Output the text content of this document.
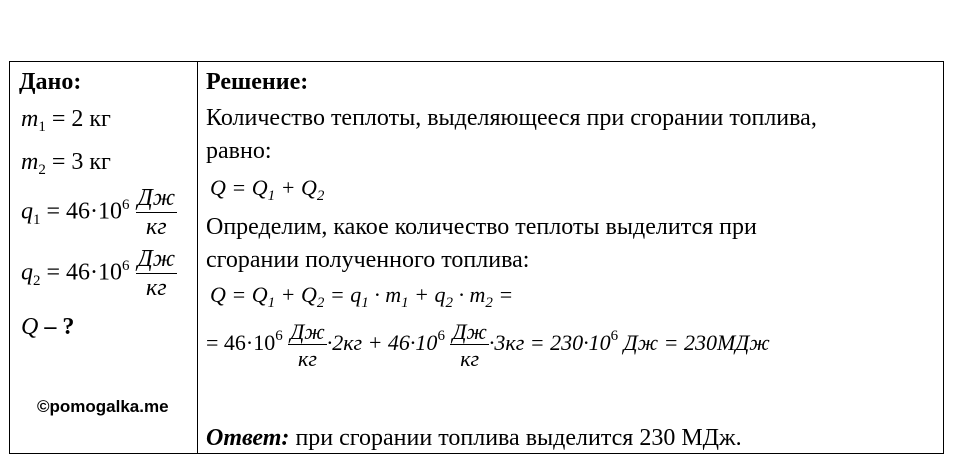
Дано:
$m_1 = 2$ кг
$m_2 = 3$ кг
$q_1 = 46\cdot 10^6 \frac{Дж}{кг}$
$q_2 = 46\cdot 10^6 \frac{Дж}{кг}$
Q – ?
Решение:
Количество теплоты, выделяющееся при сгорании топлива,
равно:
$Q = Q_1 + Q_2$
Определим, какое количество теплоты выделится при
сгорании полученного топлива:
$Q = Q_1 + Q_2 = q_1 \cdot m_1 + q_2 \cdot m_2$ =
= $46\cdot 10^6 \frac{Дж}{кг} \cdot 2кг + 46\cdot 10^6 \frac{Дж}{кг} \cdot 3кг = 230\cdot 10^6$ Дж = 230МДж
Ответ: при сгорании топлива выделится 230 МДж.
©pomogalka.me
